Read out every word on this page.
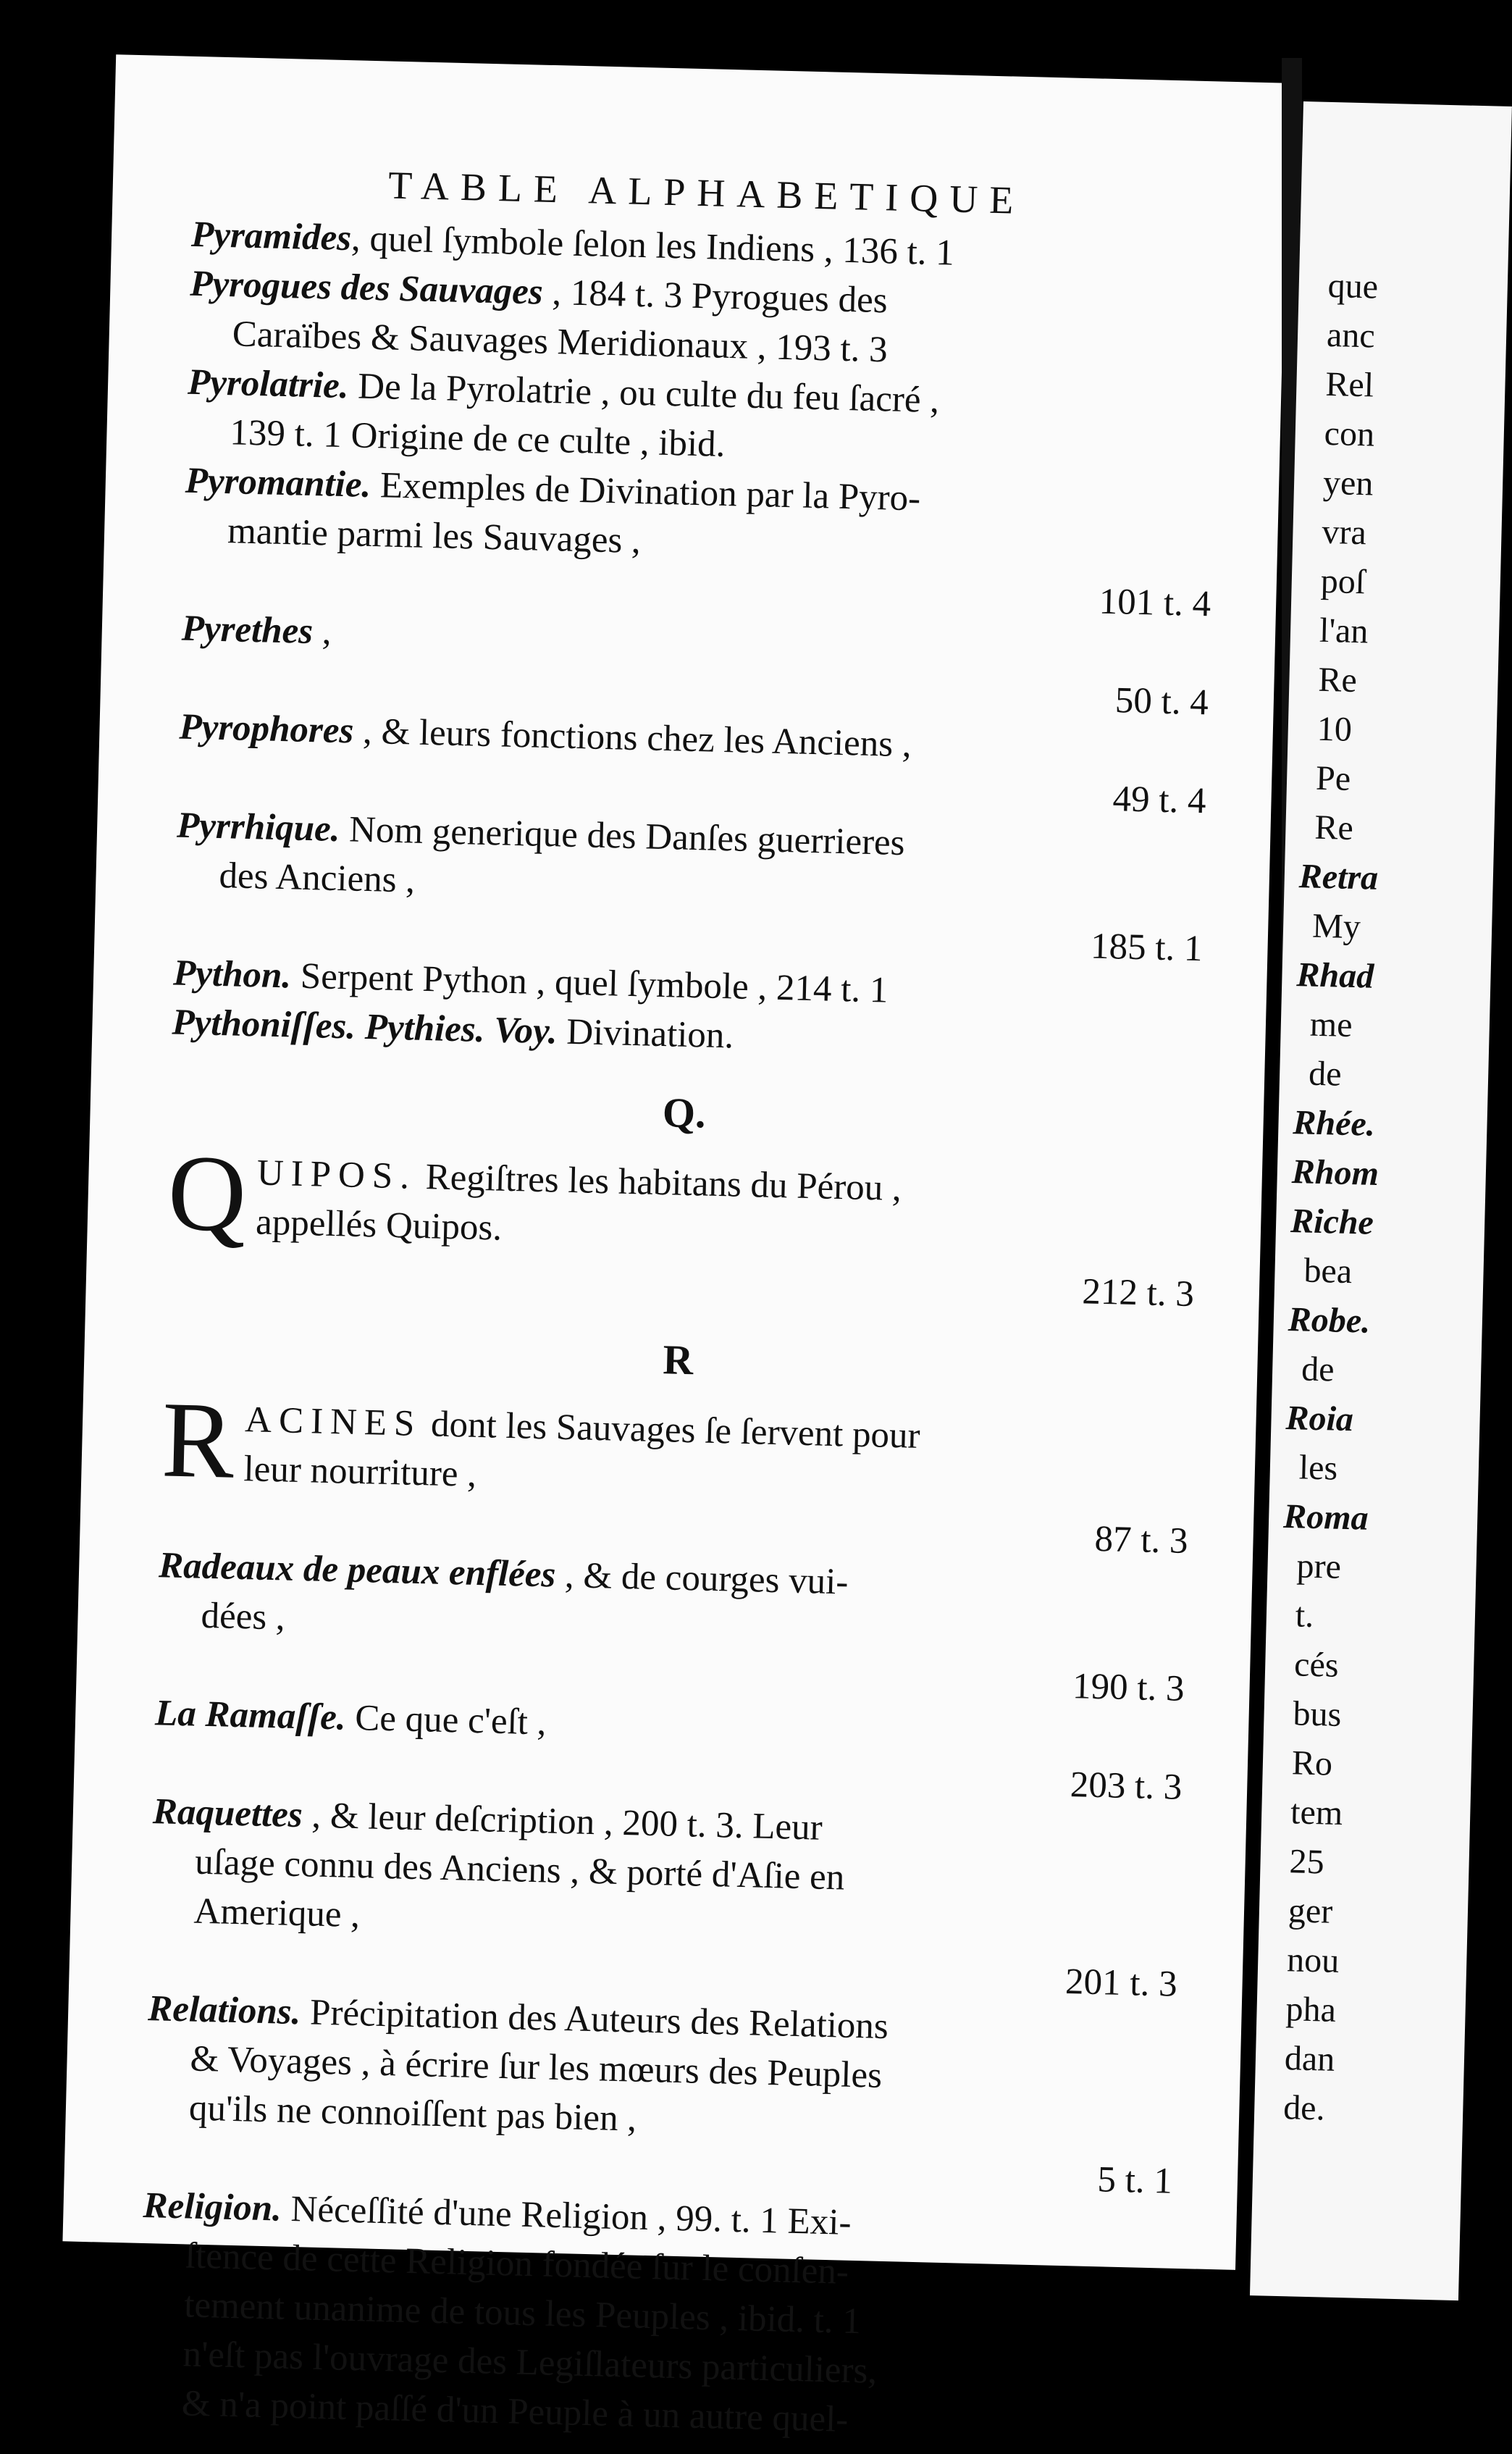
TABLE ALPHABETIQUE
Pyramides, quel ſymbole ſelon les Indiens , 136 t. 1
Pyrogues des Sauvages , 184 t. 3 Pyrogues des
Caraïbes & Sauvages Meridionaux , 193 t. 3
Pyrolatrie. De la Pyrolatrie , ou culte du feu ſacré ,
139 t. 1 Origine de ce culte , ibid.
Pyromantie. Exemples de Divination par la Pyro-
mantie parmi les Sauvages ,
101 t. 4
Pyrethes ,
50 t. 4
Pyrophores , & leurs fonctions chez les Anciens ,
49 t. 4
Pyrrhique. Nom generique des Danſes guerrieres
des Anciens ,
185 t. 1
Python. Serpent Python , quel ſymbole , 214 t. 1
Pythoniſſes. Pythies. Voy. Divination.
Q.
Q UIPOS. Regiſtres les habitans du Pérou ,
appellés Quipos.
212 t. 3
R
R ACINES dont les Sauvages ſe ſervent pour
leur nourriture ,
87 t. 3
Radeaux de peaux enflées , & de courges vui-
dées ,
190 t. 3
La Ramaſſe. Ce que c'eſt ,
203 t. 3
Raquettes , & leur deſcription , 200 t. 3. Leur
uſage connu des Anciens , & porté d'Aſie en
Amerique ,
201 t. 3
Relations. Précipitation des Auteurs des Relations
& Voyages , à écrire ſur les mœurs des Peuples
qu'ils ne connoiſſent pas bien ,
5 t. 1
Religion. Néceſſité d'une Religion , 99. t. 1 Exi-
ſtence de cette Religion fondée ſur le conſen-
tement unanime de tous les Peuples , ibid. t. 1
n'eſt pas l'ouvrage des Legiſlateurs particuliers,
& n'a point paſſé d'un Peuple à un autre quel-
que
anc
Rel
con
yen
vra
poſ
l'an
Re
10
Pe
Re
Retra
My
Rhad
me
de
Rhée.
Rhom
Riche
bea
Robe.
de
Roia
les
Roma
pre
t.
cés
bus
Ro
tem
25
ger
nou
pha
dan
de.
